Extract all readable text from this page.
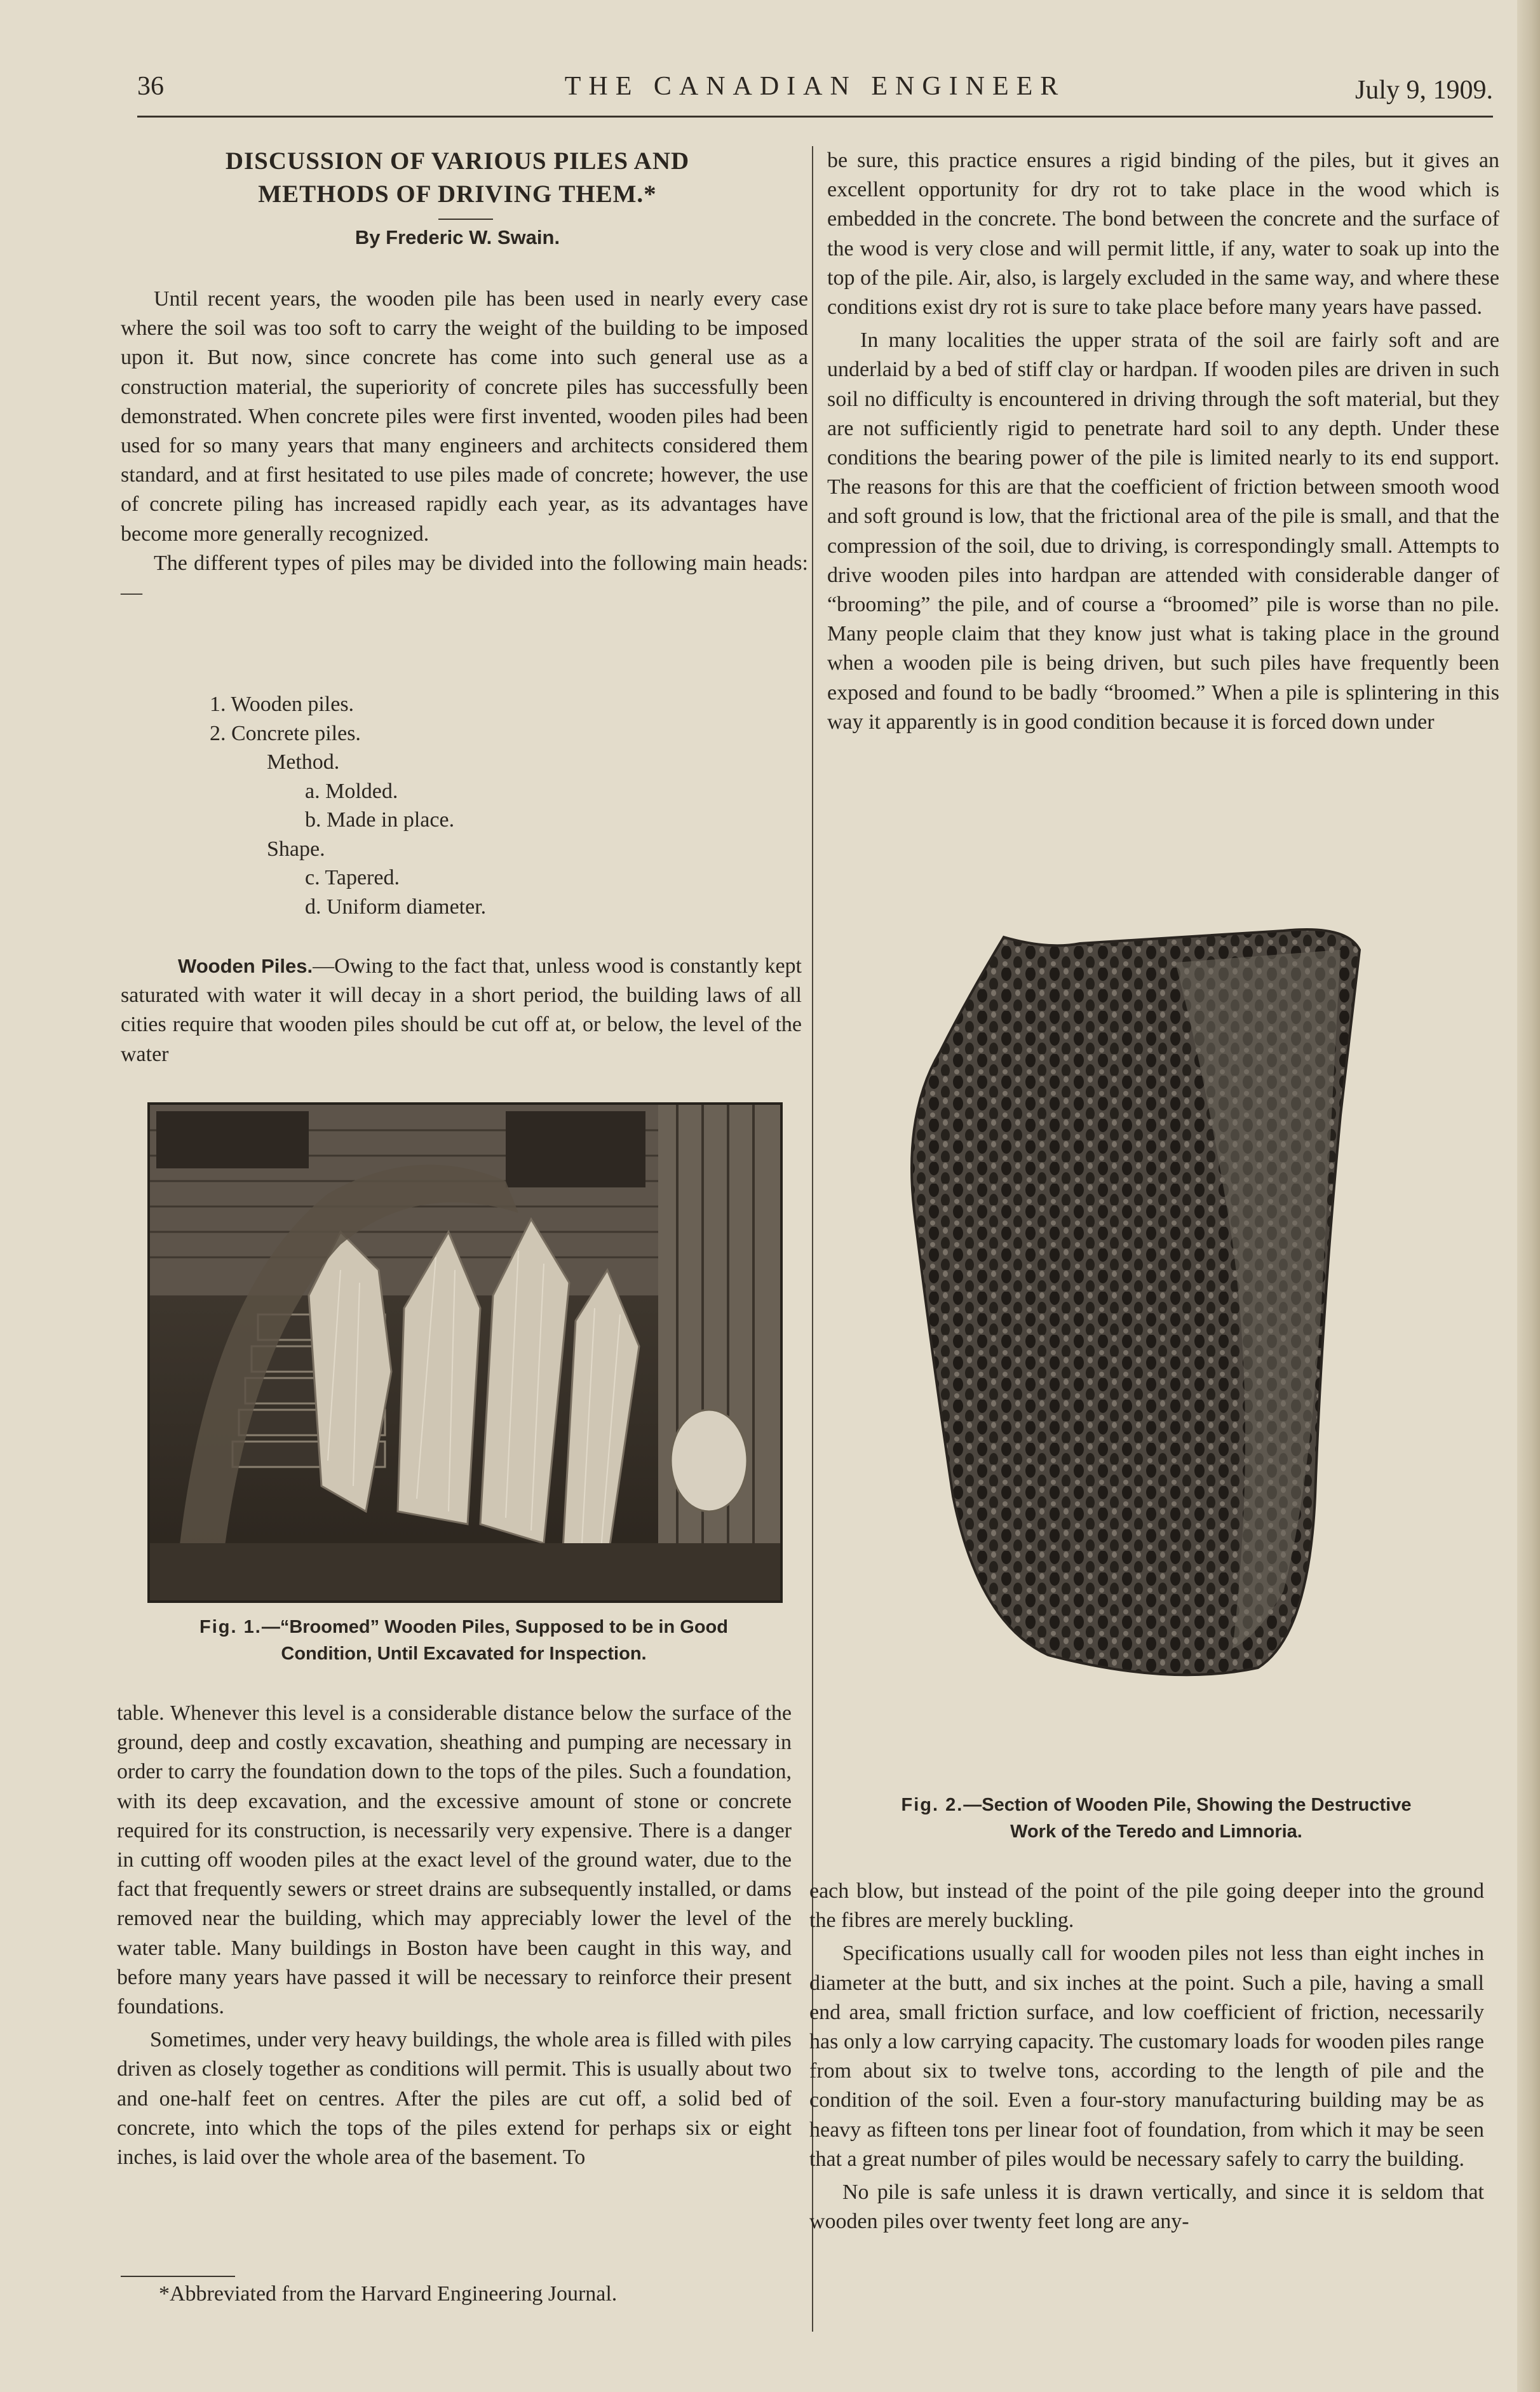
36	THE CANADIAN ENGINEER	July 9, 1909.
DISCUSSION OF VARIOUS PILES AND
METHODS OF DRIVING THEM.*
By Frederic W. Swain.

Until recent years, the wooden pile has been used in nearly every case where the soil was too soft to carry the weight of the building to be imposed upon it. But now, since concrete has come into such general use as a construction material, the superiority of concrete piles has successfully been demonstrated. When concrete piles were first invented, wooden piles had been used for so many years that many engineers and architects considered them standard, and at first hesitated to use piles made of concrete; however, the use of concrete piling has increased rapidly each year, as its advantages have become more generally recognized.

The different types of piles may be divided into the following main heads:—

1. Wooden piles.
2. Concrete piles.
Method.
a. Molded.
b. Made in place.
Shape.
c. Tapered.
d. Uniform diameter.

Wooden Piles.—Owing to the fact that, unless wood is constantly kept saturated with water it will decay in a short period, the building laws of all cities require that wooden piles should be cut off at, or below, the level of the water

Fig. 1.—“Broomed” Wooden Piles, Supposed to be in Good
Condition, Until Excavated for Inspection.

table. Whenever this level is a considerable distance below the surface of the ground, deep and costly excavation, sheathing and pumping are necessary in order to carry the foundation down to the tops of the piles. Such a foundation, with its deep excavation, and the excessive amount of stone or concrete required for its construction, is necessarily very expensive. There is a danger in cutting off wooden piles at the exact level of the ground water, due to the fact that frequently sewers or street drains are subsequently installed, or dams removed near the building, which may appreciably lower the level of the water table. Many buildings in Boston have been caught in this way, and before many years have passed it will be necessary to reinforce their present foundations.

Sometimes, under very heavy buildings, the whole area is filled with piles driven as closely together as conditions will permit. This is usually about two and one-half feet on centres. After the piles are cut off, a solid bed of concrete, into which the tops of the piles extend for perhaps six or eight inches, is laid over the whole area of the basement. To

*Abbreviated from the Harvard Engineering Journal.

be sure, this practice ensures a rigid binding of the piles, but it gives an excellent opportunity for dry rot to take place in the wood which is embedded in the concrete. The bond between the concrete and the surface of the wood is very close and will permit little, if any, water to soak up into the top of the pile. Air, also, is largely excluded in the same way, and where these conditions exist dry rot is sure to take place before many years have passed.

In many localities the upper strata of the soil are fairly soft and are underlaid by a bed of stiff clay or hardpan. If wooden piles are driven in such soil no difficulty is encountered in driving through the soft material, but they are not sufficiently rigid to penetrate hard soil to any depth. Under these conditions the bearing power of the pile is limited nearly to its end support. The reasons for this are that the coefficient of friction between smooth wood and soft ground is low, that the frictional area of the pile is small, and that the compression of the soil, due to driving, is correspondingly small. Attempts to drive wooden piles into hardpan are attended with considerable danger of “brooming” the pile, and of course a “broomed” pile is worse than no pile. Many people claim that they know just what is taking place in the ground when a wooden pile is being driven, but such piles have frequently been exposed and found to be badly “broomed.” When a pile is splintering in this way it apparently is in good condition because it is forced down under

Fig. 2.—Section of Wooden Pile, Showing the Destructive
Work of the Teredo and Limnoria.

each blow, but instead of the point of the pile going deeper into the ground the fibres are merely buckling.

Specifications usually call for wooden piles not less than eight inches in diameter at the butt, and six inches at the point. Such a pile, having a small end area, small friction surface, and low coefficient of friction, necessarily has only a low carrying capacity. The customary loads for wooden piles range from about six to twelve tons, according to the length of pile and the condition of the soil. Even a four-story manufacturing building may be as heavy as fifteen tons per linear foot of foundation, from which it may be seen that a great number of piles would be necessary safely to carry the building.

No pile is safe unless it is drawn vertically, and since it is seldom that wooden piles over twenty feet long are any-
